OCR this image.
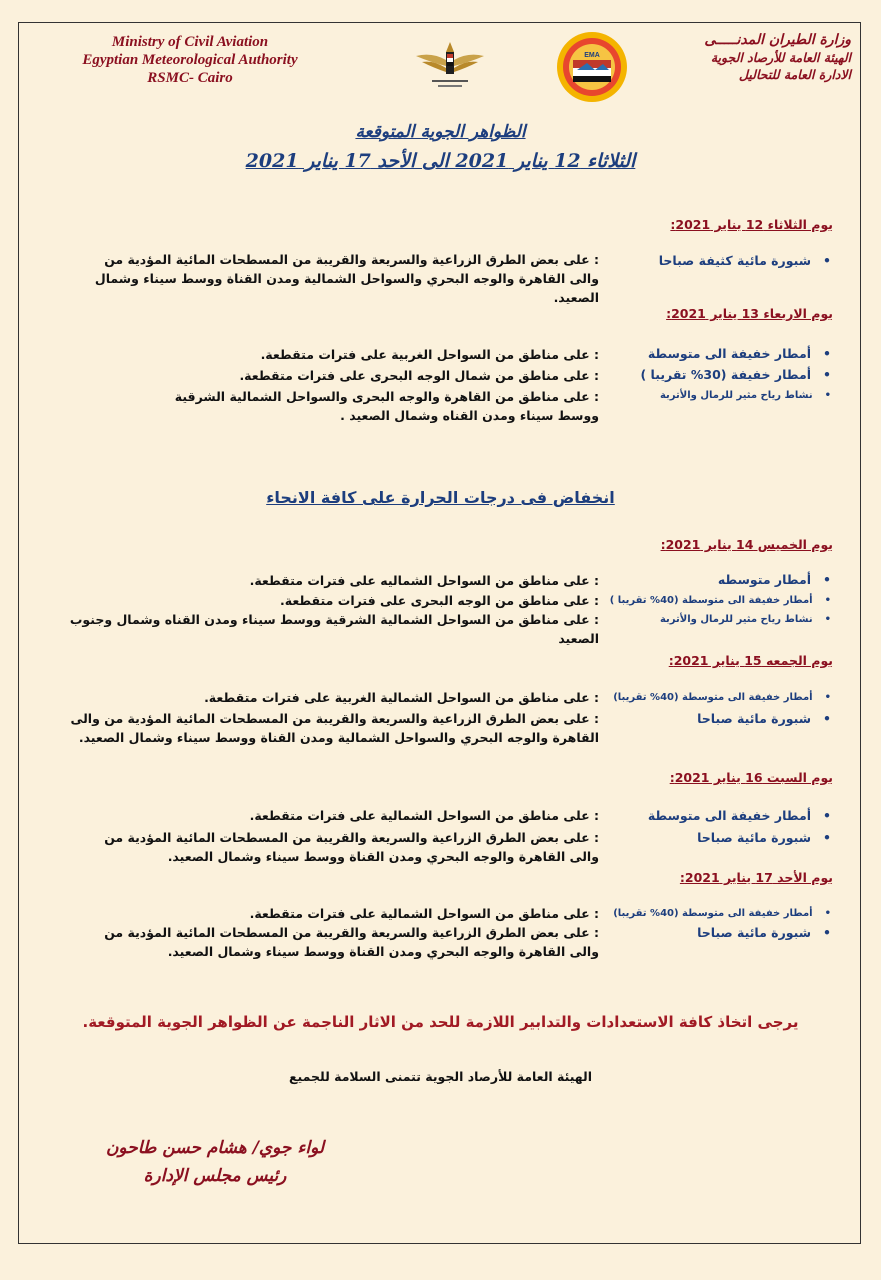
Ministry of Civil Aviation
Egyptian Meteorological Authority
RSMC- Cairo
EMA
وزارة الطيران المدنـــــى
الهيئة العامة للأرصاد الجوية
الادارة العامة للتحاليل
الظواهر الجوية المتوقعة
الثلاثاء 12 يناير 2021 الى الأحد 17 يناير 2021
يوم الثلاثاء 12 يناير 2021:
• شبورة مائية كثيفة صباحا
: على بعض الطرق الزراعية والسريعة والقريبة من المسطحات المائية المؤدية من والى القاهرة والوجه البحري والسواحل الشمالية ومدن القناة ووسط سيناء وشمال الصعيد.
يوم الاربعاء 13 يناير 2021:
• أمطار خفيفة الى متوسطة
: على مناطق من السواحل الغربية على فترات متقطعة.
• أمطار خفيفة (30% تقريبا )
: على مناطق من شمال الوجه البحرى على فترات متقطعة.
• نشاط رياح مثير للرمال والأتربة
: على مناطق من القاهرة والوجه البحرى والسواحل الشمالية الشرقية ووسط سيناء ومدن القناه وشمال الصعيد .
انخفاض فى درجات الحرارة على كافة الانحاء
يوم الخميس 14 يناير 2021:
• أمطار متوسطه
: على مناطق من السواحل الشماليه على فترات متقطعة.
• أمطار خفيفة الى متوسطة (40% تقريبا )
: على مناطق من الوجه البحرى على فترات متقطعة.
• نشاط رياح مثير للرمال والأتربة
: على مناطق من السواحل الشمالية الشرقية ووسط سيناء ومدن القناه وشمال وجنوب الصعيد
يوم الجمعه 15 يناير 2021:
• أمطار خفيفة الى متوسطة (40% تقريبا)
: على مناطق من السواحل الشمالية الغربية على فترات متقطعة.
• شبورة مائية صباحا
: على بعض الطرق الزراعية والسريعة والقريبة من المسطحات المائية المؤدية من والى القاهرة والوجه البحري والسواحل الشمالية ومدن القناة ووسط سيناء وشمال الصعيد.
يوم السبت 16 يناير 2021:
• أمطار خفيفة الى متوسطة
: على مناطق من السواحل الشمالية على فترات متقطعة.
• شبورة مائية صباحا
: على بعض الطرق الزراعية والسريعة والقريبة من المسطحات المائية المؤدية من والى القاهرة والوجه البحري ومدن القناة ووسط سيناء وشمال الصعيد.
يوم الأحد 17 يناير 2021:
• أمطار خفيفة الى متوسطة (40% تقريبا)
: على مناطق من السواحل الشمالية على فترات متقطعة.
• شبورة مائية صباحا
: على بعض الطرق الزراعية والسريعة والقريبة من المسطحات المائية المؤدية من والى القاهرة والوجه البحري ومدن القناة ووسط سيناء وشمال الصعيد.
يرجى اتخاذ كافة الاستعدادات والتدابير اللازمة للحد من الاثار الناجمة عن الظواهر الجوية المتوقعة.
الهيئة العامة للأرصاد الجوية تتمنى السلامة للجميع
لواء جوي/ هشام حسن طاحون
رئيس مجلس الإدارة
